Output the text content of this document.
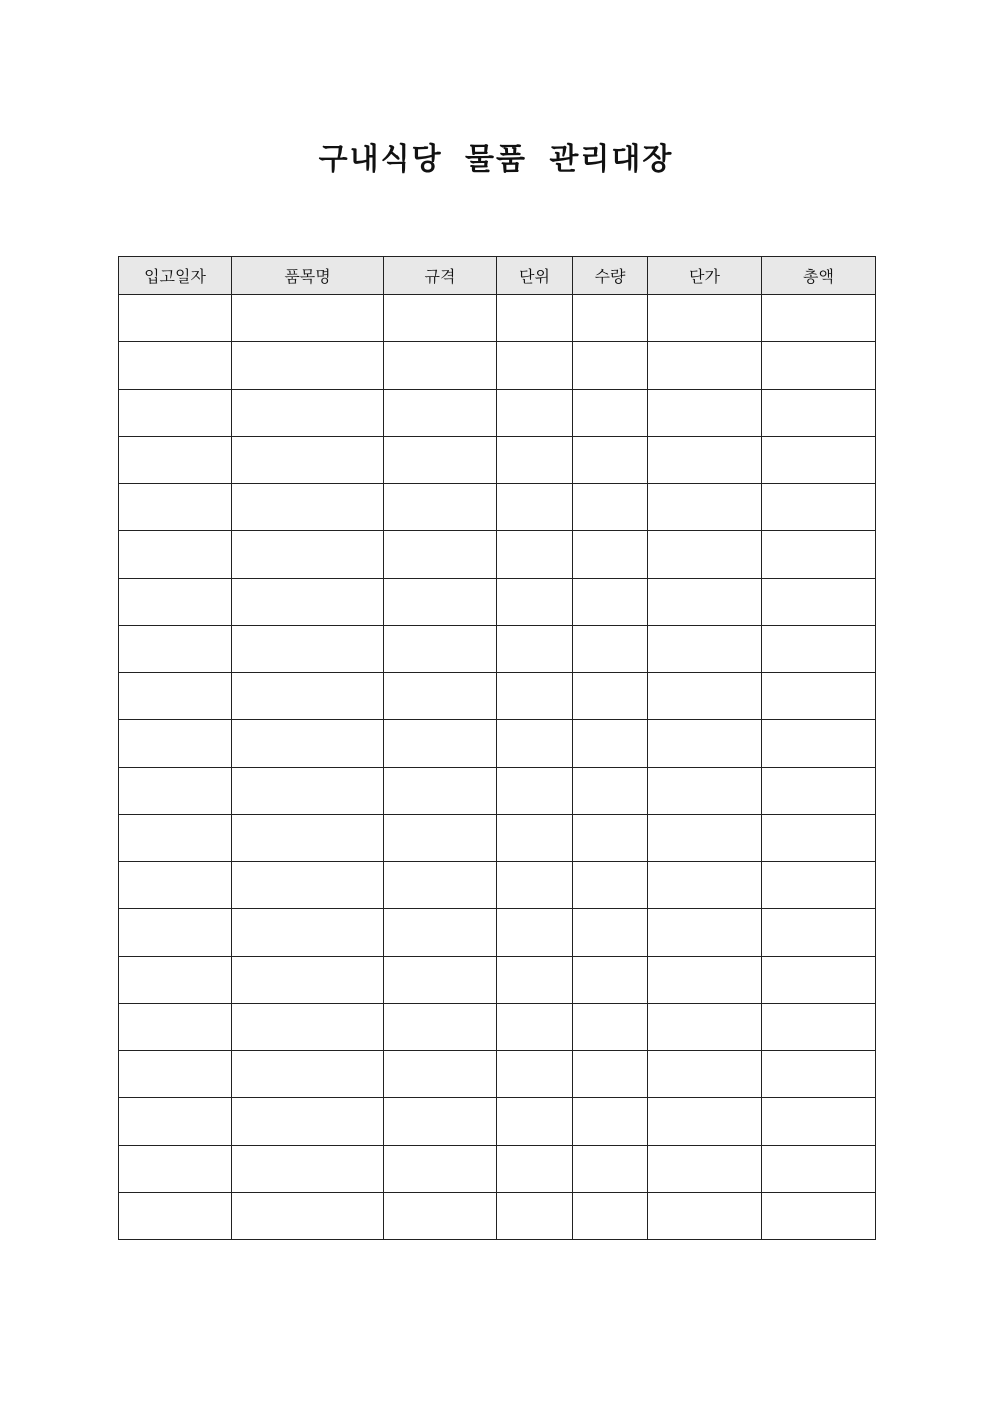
구내식당 물품 관리대장
입고일자	품목명	규격	단위	수량	단가	총액
